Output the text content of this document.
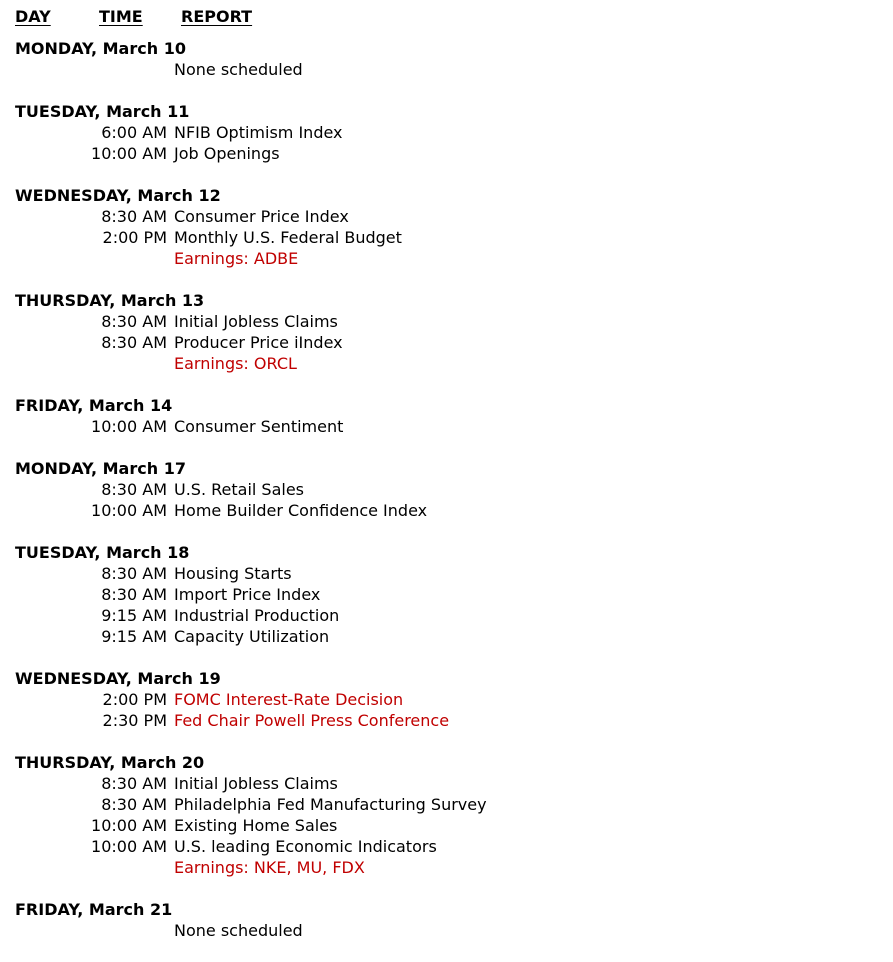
DAY	TIME	REPORT
MONDAY, March 10
None scheduled
TUESDAY, March 11
6:00 AM NFIB Optimism Index
10:00 AM Job Openings
WEDNESDAY, March 12
8:30 AM Consumer Price Index
2:00 PM Monthly U.S. Federal Budget
Earnings: ADBE
THURSDAY, March 13
8:30 AM Initial Jobless Claims
8:30 AM Producer Price iIndex
Earnings: ORCL
FRIDAY, March 14
10:00 AM Consumer Sentiment
MONDAY, March 17
8:30 AM U.S. Retail Sales
10:00 AM Home Builder Confidence Index
TUESDAY, March 18
8:30 AM Housing Starts
8:30 AM Import Price Index
9:15 AM Industrial Production
9:15 AM Capacity Utilization
WEDNESDAY, March 19
2:00 PM FOMC Interest-Rate Decision
2:30 PM Fed Chair Powell Press Conference
THURSDAY, March 20
8:30 AM Initial Jobless Claims
8:30 AM Philadelphia Fed Manufacturing Survey
10:00 AM Existing Home Sales
10:00 AM U.S. leading Economic Indicators
Earnings: NKE, MU, FDX
FRIDAY, March 21
None scheduled
